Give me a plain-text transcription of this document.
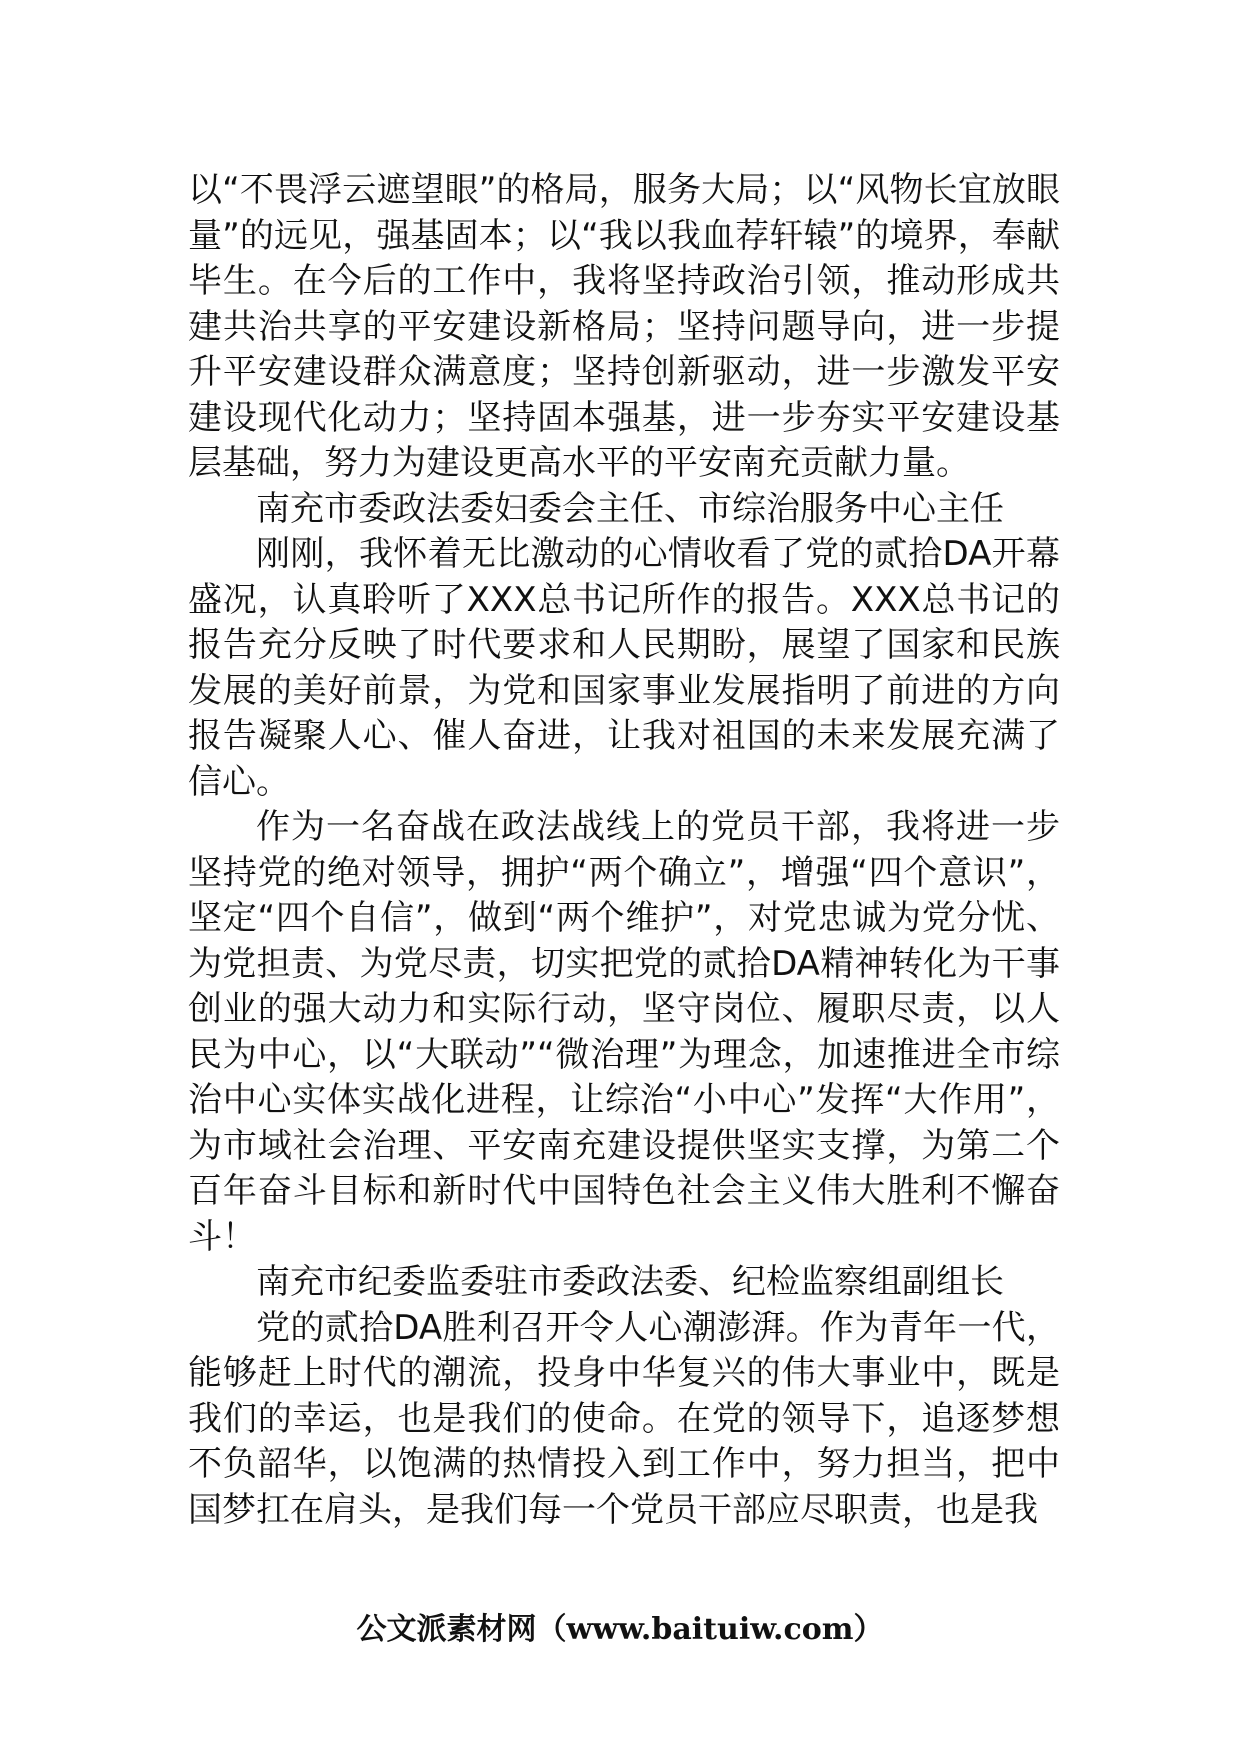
以“不畏浮云遮望眼”的格局，服务大局；以“风物长宜放眼量”的远见，强基固本；以“我以我血荐轩辕”的境界，奉献毕生。在今后的工作中，我将坚持政治引领，推动形成共建共治共享的平安建设新格局；坚持问题导向，进一步提升平安建设群众满意度；坚持创新驱动，进一步激发平安建设现代化动力；坚持固本强基，进一步夯实平安建设基层基础，努力为建设更高水平的平安南充贡献力量。

南充市委政法委妇委会主任、市综治服务中心主任

刚刚，我怀着无比激动的心情收看了党的贰拾DA开幕盛况，认真聆听了XXX总书记所作的报告。XXX总书记的报告充分反映了时代要求和人民期盼，展望了国家和民族发展的美好前景，为党和国家事业发展指明了前进的方向报告凝聚人心、催人奋进，让我对祖国的未来发展充满了信心。

作为一名奋战在政法战线上的党员干部，我将进一步坚持党的绝对领导，拥护“两个确立”，增强“四个意识”，坚定“四个自信”，做到“两个维护”，对党忠诚为党分忧、为党担责、为党尽责，切实把党的贰拾DA精神转化为干事创业的强大动力和实际行动，坚守岗位、履职尽责，以人民为中心，以“大联动”“微治理”为理念，加速推进全市综治中心实体实战化进程，让综治“小中心”发挥“大作用”，为市域社会治理、平安南充建设提供坚实支撑，为第二个百年奋斗目标和新时代中国特色社会主义伟大胜利不懈奋斗！

南充市纪委监委驻市委政法委、纪检监察组副组长

党的贰拾DA胜利召开令人心潮澎湃。作为青年一代，能够赶上时代的潮流，投身中华复兴的伟大事业中，既是我们的幸运，也是我们的使命。在党的领导下，追逐梦想不负韶华，以饱满的热情投入到工作中，努力担当，把中国梦扛在肩头，是我们每一个党员干部应尽职责，也是我

公文派素材网（www.baituiw.com）
